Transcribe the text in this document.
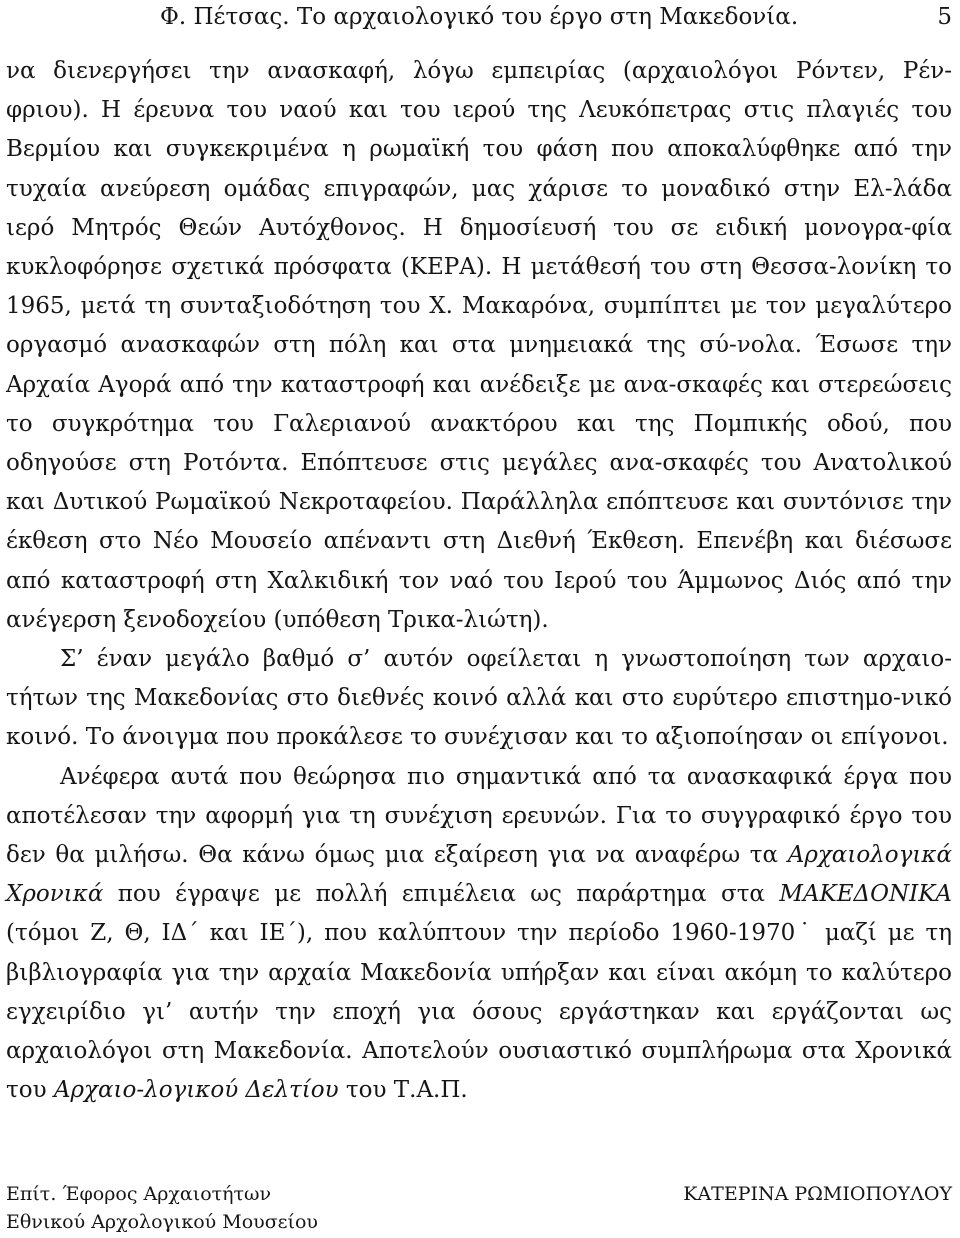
Φ. Πέτσας. Το αρχαιολογικό του έργο στη Μακεδονία.	5

να διενεργήσει την ανασκαφή, λόγω εμπειρίας (αρχαιολόγοι Ρόντεν, Ρέν-φριου). Η έρευνα του ναού και του ιερού της Λευκόπετρας στις πλαγιές του Βερμίου και συγκεκριμένα η ρωμαϊκή του φάση που αποκαλύφθηκε από την τυχαία ανεύρεση ομάδας επιγραφών, μας χάρισε το μοναδικό στην Ελ-λάδα ιερό Μητρός Θεών Αυτόχθονος. Η δημοσίευσή του σε ειδική μονογρα-φία κυκλοφόρησε σχετικά πρόσφατα (ΚΕΡΑ). Η μετάθεσή του στη Θεσσα-λονίκη το 1965, μετά τη συνταξιοδότηση του Χ. Μακαρόνα, συμπίπτει με τον μεγαλύτερο οργασμό ανασκαφών στη πόλη και στα μνημειακά της σύ-νολα. Έσωσε την Αρχαία Αγορά από την καταστροφή και ανέδειξε με ανα-σκαφές και στερεώσεις το συγκρότημα του Γαλεριανού ανακτόρου και της Πομπικής οδού, που οδηγούσε στη Ροτόντα. Επόπτευσε στις μεγάλες ανα-σκαφές του Ανατολικού και Δυτικού Ρωμαϊκού Νεκροταφείου. Παράλληλα επόπτευσε και συντόνισε την έκθεση στο Νέο Μουσείο απέναντι στη Διεθνή Έκθεση. Επενέβη και διέσωσε από καταστροφή στη Χαλκιδική τον ναό του Ιερού του Άμμωνος Διός από την ανέγερση ξενοδοχείου (υπόθεση Τρικα-λιώτη).

Σ’ έναν μεγάλο βαθμό σ’ αυτόν οφείλεται η γνωστοποίηση των αρχαιο-τήτων της Μακεδονίας στο διεθνές κοινό αλλά και στο ευρύτερο επιστημο-νικό κοινό. Το άνοιγμα που προκάλεσε το συνέχισαν και το αξιοποίησαν οι επίγονοι.

Ανέφερα αυτά που θεώρησα πιο σημαντικά από τα ανασκαφικά έργα που αποτέλεσαν την αφορμή για τη συνέχιση ερευνών. Για το συγγραφικό έργο του δεν θα μιλήσω. Θα κάνω όμως μια εξαίρεση για να αναφέρω τα Αρχαιολογικά Χρονικά που έγραψε με πολλή επιμέλεια ως παράρτημα στα ΜΑΚΕΔΟΝΙΚΑ (τόμοι Ζ, Θ, ΙΔ΄ και ΙΕ΄), που καλύπτουν την περίοδο 1960-1970˙ μαζί με τη βιβλιογραφία για την αρχαία Μακεδονία υπήρξαν και είναι ακόμη το καλύτερο εγχειρίδιο γι’ αυτήν την εποχή για όσους εργάστηκαν και εργάζονται ως αρχαιολόγοι στη Μακεδονία. Αποτελούν ουσιαστικό συμπλήρωμα στα Χρονικά του Αρχαιο-λογικού Δελτίου του Τ.Α.Π.

Επίτ. Έφορος Αρχαιοτήτων
Εθνικού Αρχολογικού Μουσείου
ΚΑΤΕΡΙΝΑ ΡΩΜΙΟΠΟΥΛΟΥ
